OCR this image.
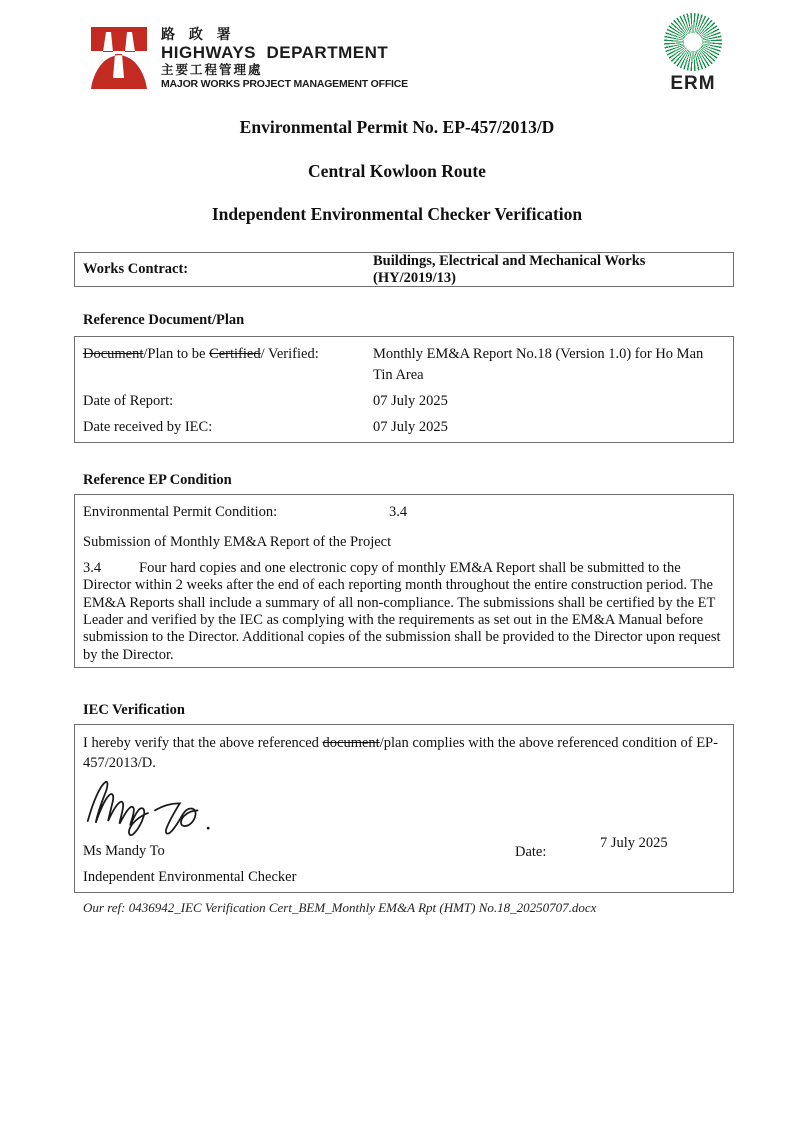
路 政 署
HIGHWAYS  DEPARTMENT
主要工程管理處
MAJOR WORKS PROJECT MANAGEMENT OFFICE	ERM
Environmental Permit No. EP-457/2013/D
Central Kowloon Route
Independent Environmental Checker Verification
Works Contract:
Buildings, Electrical and Mechanical Works (HY/2019/13)
Reference Document/Plan
Document/Plan to be Certified/ Verified:	Monthly EM&A Report No.18 (Version 1.0) for Ho Man Tin Area
Date of Report:	07 July 2025
Date received by IEC:	07 July 2025
Reference EP Condition
Environmental Permit Condition:	3.4
Submission of Monthly EM&A Report of the Project
3.4	Four hard copies and one electronic copy of monthly EM&A Report shall be submitted to the Director within 2 weeks after the end of each reporting month throughout the entire construction period. The EM&A Reports shall include a summary of all non-compliance. The submissions shall be certified by the ET Leader and verified by the IEC as complying with the requirements as set out in the EM&A Manual before submission to the Director. Additional copies of the submission shall be provided to the Director upon request by the Director.
IEC Verification
I hereby verify that the above referenced document/plan complies with the above referenced condition of EP-457/2013/D.
Ms Mandy To
Independent Environmental Checker
Date:
7 July 2025
Our ref: 0436942_IEC Verification Cert_BEM_Monthly EM&A Rpt (HMT) No.18_20250707.docx
